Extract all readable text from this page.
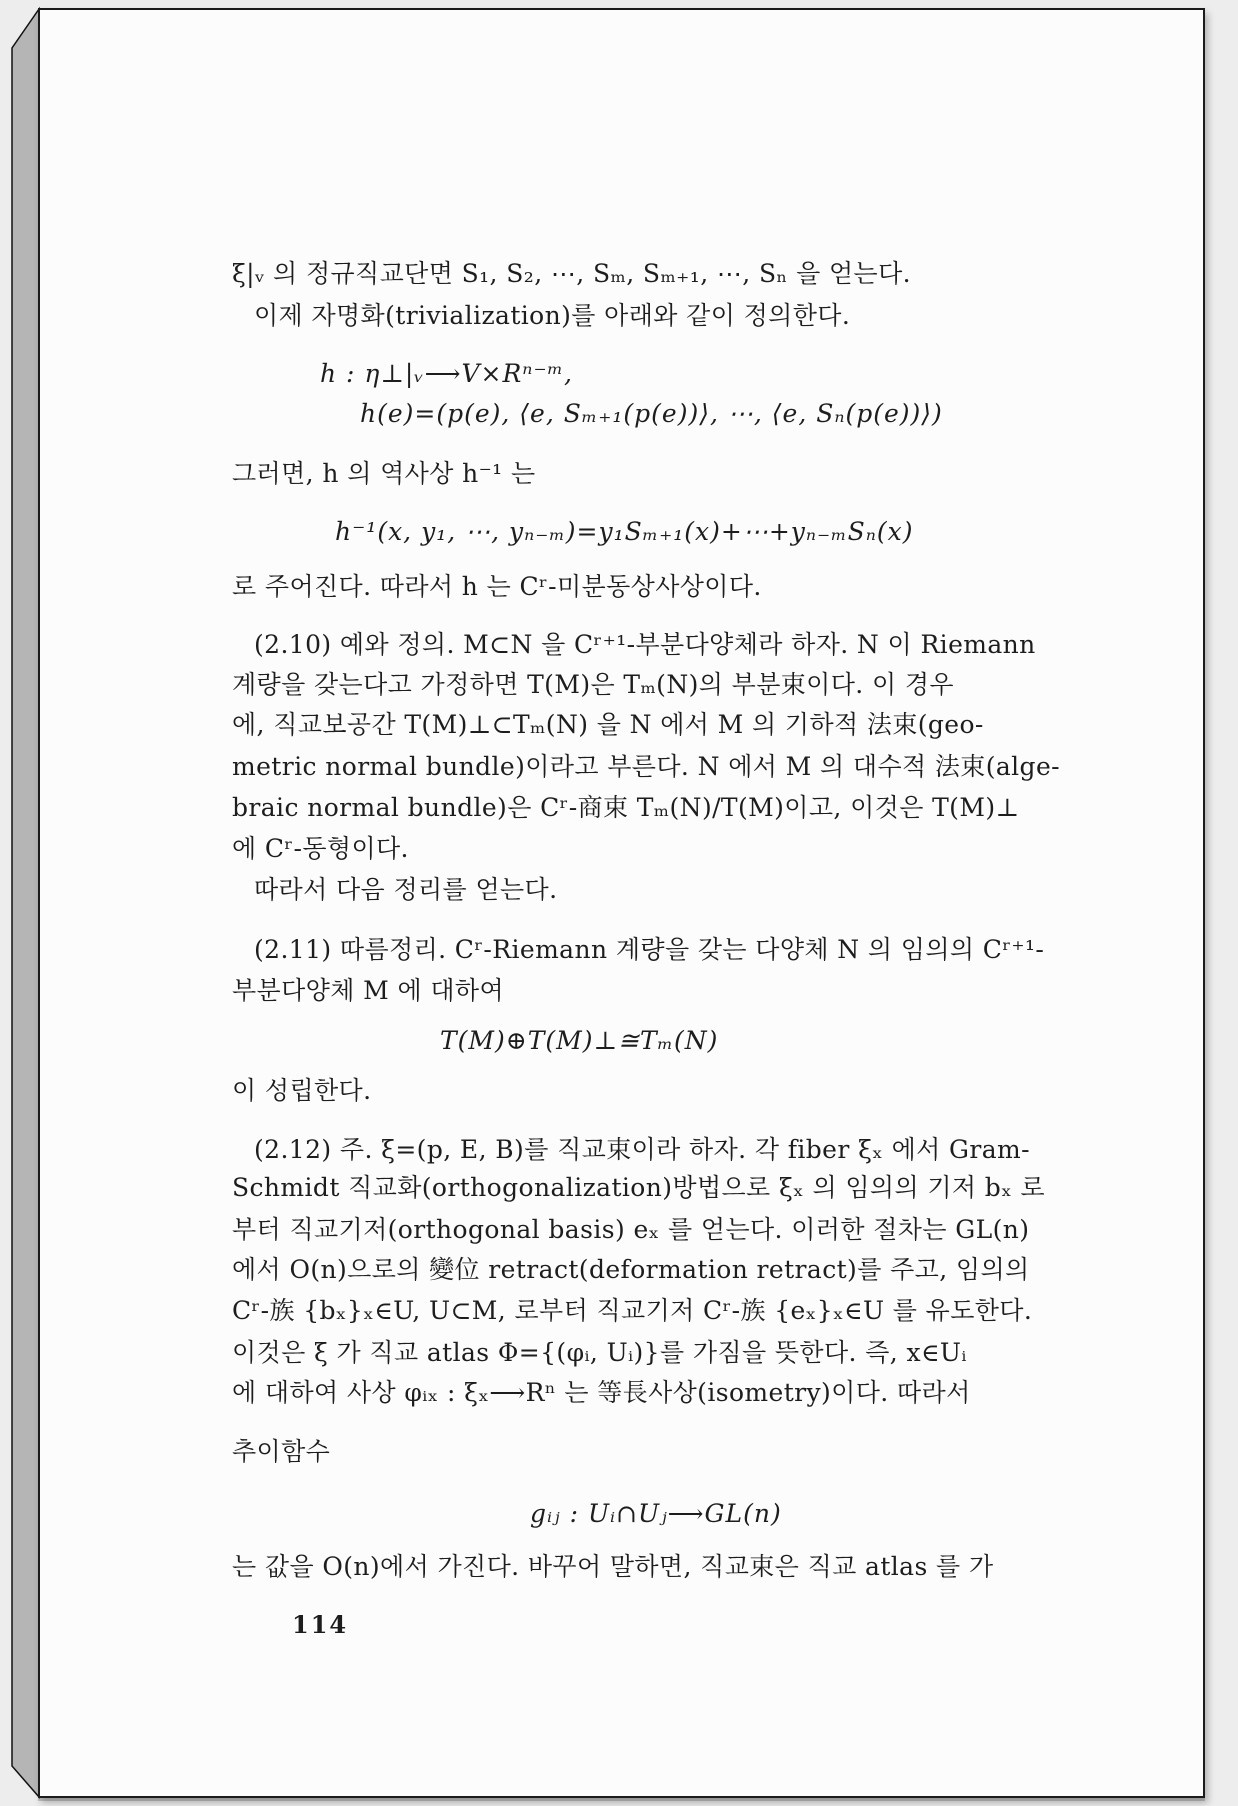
ξ|ᵥ 의 정규직교단면 S₁, S₂, ⋯, Sₘ, Sₘ₊₁, ⋯, Sₙ 을 얻는다.
이제 자명화(trivialization)를 아래와 같이 정의한다.
h : η⊥|ᵥ⟶V×Rⁿ⁻ᵐ,
h(e)=(p(e), ⟨e, Sₘ₊₁(p(e))⟩, ⋯, ⟨e, Sₙ(p(e))⟩)
그러면, h 의 역사상 h⁻¹ 는
h⁻¹(x, y₁, ⋯, yₙ₋ₘ)=y₁Sₘ₊₁(x)+⋯+yₙ₋ₘSₙ(x)
로 주어진다. 따라서 h 는 Cʳ-미분동상사상이다.
(2.10) 예와 정의. M⊂N 을 Cʳ⁺¹-부분다양체라 하자. N 이 Riemann
계량을 갖는다고 가정하면 T(M)은 Tₘ(N)의 부분束이다. 이 경우
에, 직교보공간 T(M)⊥⊂Tₘ(N) 을 N 에서 M 의 기하적 法束(geo-
metric normal bundle)이라고 부른다. N 에서 M 의 대수적 法束(alge-
braic normal bundle)은 Cʳ-商束 Tₘ(N)/T(M)이고, 이것은 T(M)⊥
에 Cʳ-동형이다.
따라서 다음 정리를 얻는다.
(2.11) 따름정리. Cʳ-Riemann 계량을 갖는 다양체 N 의 임의의 Cʳ⁺¹-
부분다양체 M 에 대하여
T(M)⊕T(M)⊥≅Tₘ(N)
이 성립한다.
(2.12) 주. ξ=(p, E, B)를 직교束이라 하자. 각 fiber ξₓ 에서 Gram-
Schmidt 직교화(orthogonalization)방법으로 ξₓ 의 임의의 기저 bₓ 로
부터 직교기저(orthogonal basis) eₓ 를 얻는다. 이러한 절차는 GL(n)
에서 O(n)으로의 變位 retract(deformation retract)를 주고, 임의의
Cʳ-族 {bₓ}ₓ∈U, U⊂M, 로부터 직교기저 Cʳ-族 {eₓ}ₓ∈U 를 유도한다.
이것은 ξ 가 직교 atlas Φ={(φᵢ, Uᵢ)}를 가짐을 뜻한다. 즉, x∈Uᵢ
에 대하여 사상 φᵢₓ : ξₓ⟶Rⁿ 는 等長사상(isometry)이다. 따라서
추이함수
gᵢⱼ : Uᵢ∩Uⱼ⟶GL(n)
는 값을 O(n)에서 가진다. 바꾸어 말하면, 직교束은 직교 atlas 를 가
114
